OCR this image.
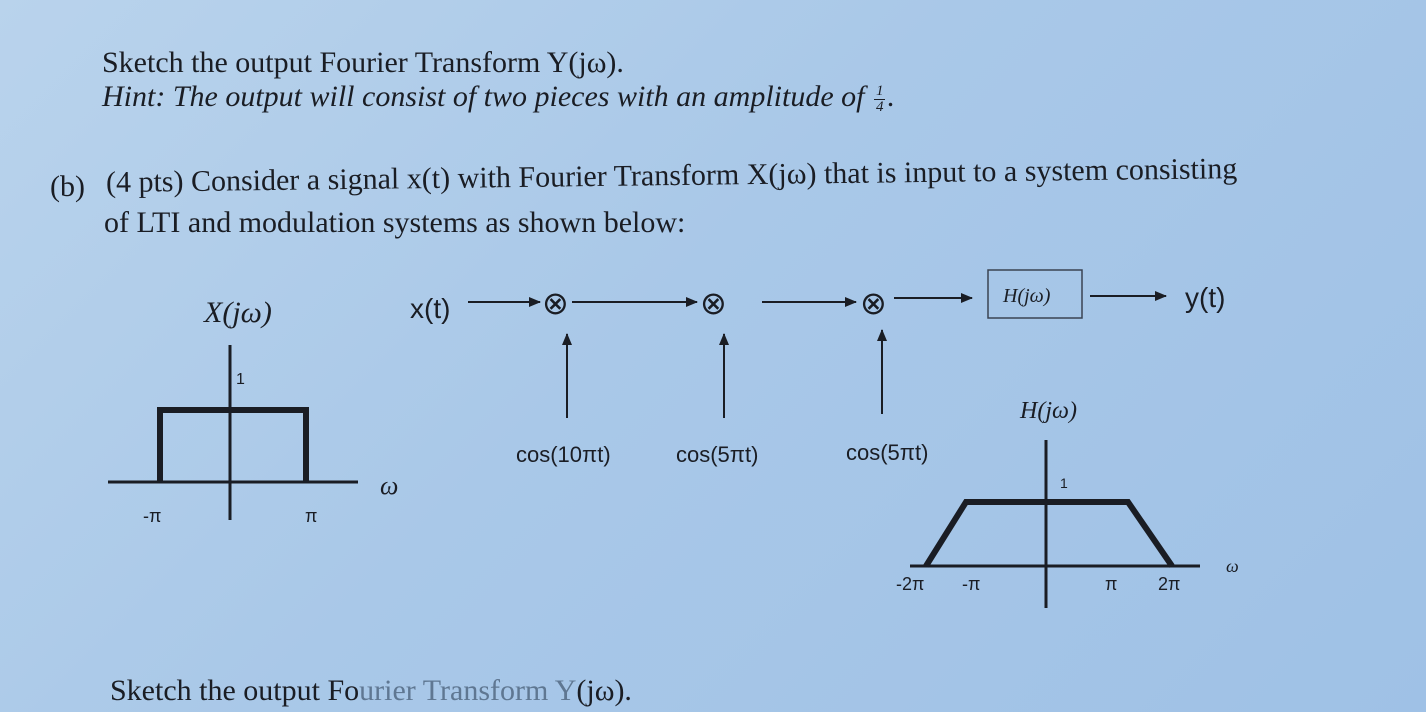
Sketch the output Fourier Transform Y(jω).
Hint: The output will consist of two pieces with an amplitude of $\frac{1}{4}$ .
(b) (4 pts) Consider a signal x(t) with Fourier Transform X(jω) that is input to a system consisting
of LTI and modulation systems as shown below:
Sketch the output Fourier Transform Y(jω).
X(jω)
1
-π	π
ω
x(t)	⊗	⊗	⊗	H(jω)	y(t)
cos(10πt)	cos(5πt)	cos(5πt)
H(jω)
1
-2π -π	π 2π
ω
